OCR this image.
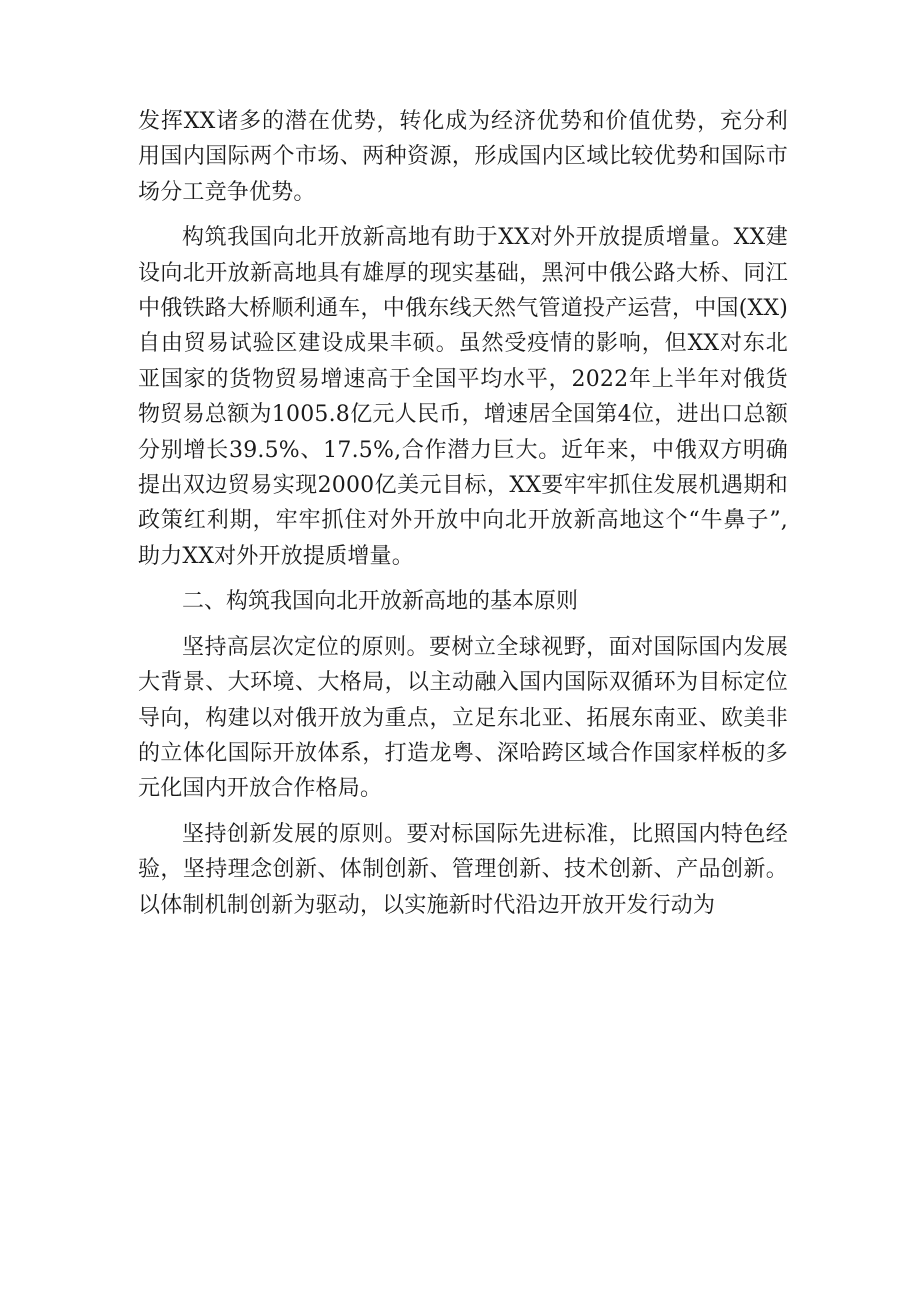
发挥XX诸多的潜在优势，转化成为经济优势和价值优势，充分利用国内国际两个市场、两种资源，形成国内区域比较优势和国际市场分工竞争优势。

构筑我国向北开放新高地有助于XX对外开放提质增量。XX建设向北开放新高地具有雄厚的现实基础，黑河中俄公路大桥、同江中俄铁路大桥顺利通车，中俄东线天然气管道投产运营，中国(XX)自由贸易试验区建设成果丰硕。虽然受疫情的影响，但XX对东北亚国家的货物贸易增速高于全国平均水平，2022年上半年对俄货物贸易总额为1005.8亿元人民币，增速居全国第4位，进出口总额分别增长39.5%、17.5%,合作潜力巨大。近年来，中俄双方明确提出双边贸易实现2000亿美元目标，XX要牢牢抓住发展机遇期和政策红利期，牢牢抓住对外开放中向北开放新高地这个“牛鼻子”,助力XX对外开放提质增量。

二、构筑我国向北开放新高地的基本原则

坚持高层次定位的原则。要树立全球视野，面对国际国内发展大背景、大环境、大格局，以主动融入国内国际双循环为目标定位导向，构建以对俄开放为重点，立足东北亚、拓展东南亚、欧美非的立体化国际开放体系，打造龙粤、深哈跨区域合作国家样板的多元化国内开放合作格局。

坚持创新发展的原则。要对标国际先进标准，比照国内特色经验，坚持理念创新、体制创新、管理创新、技术创新、产品创新。以体制机制创新为驱动，以实施新时代沿边开放开发行动为
